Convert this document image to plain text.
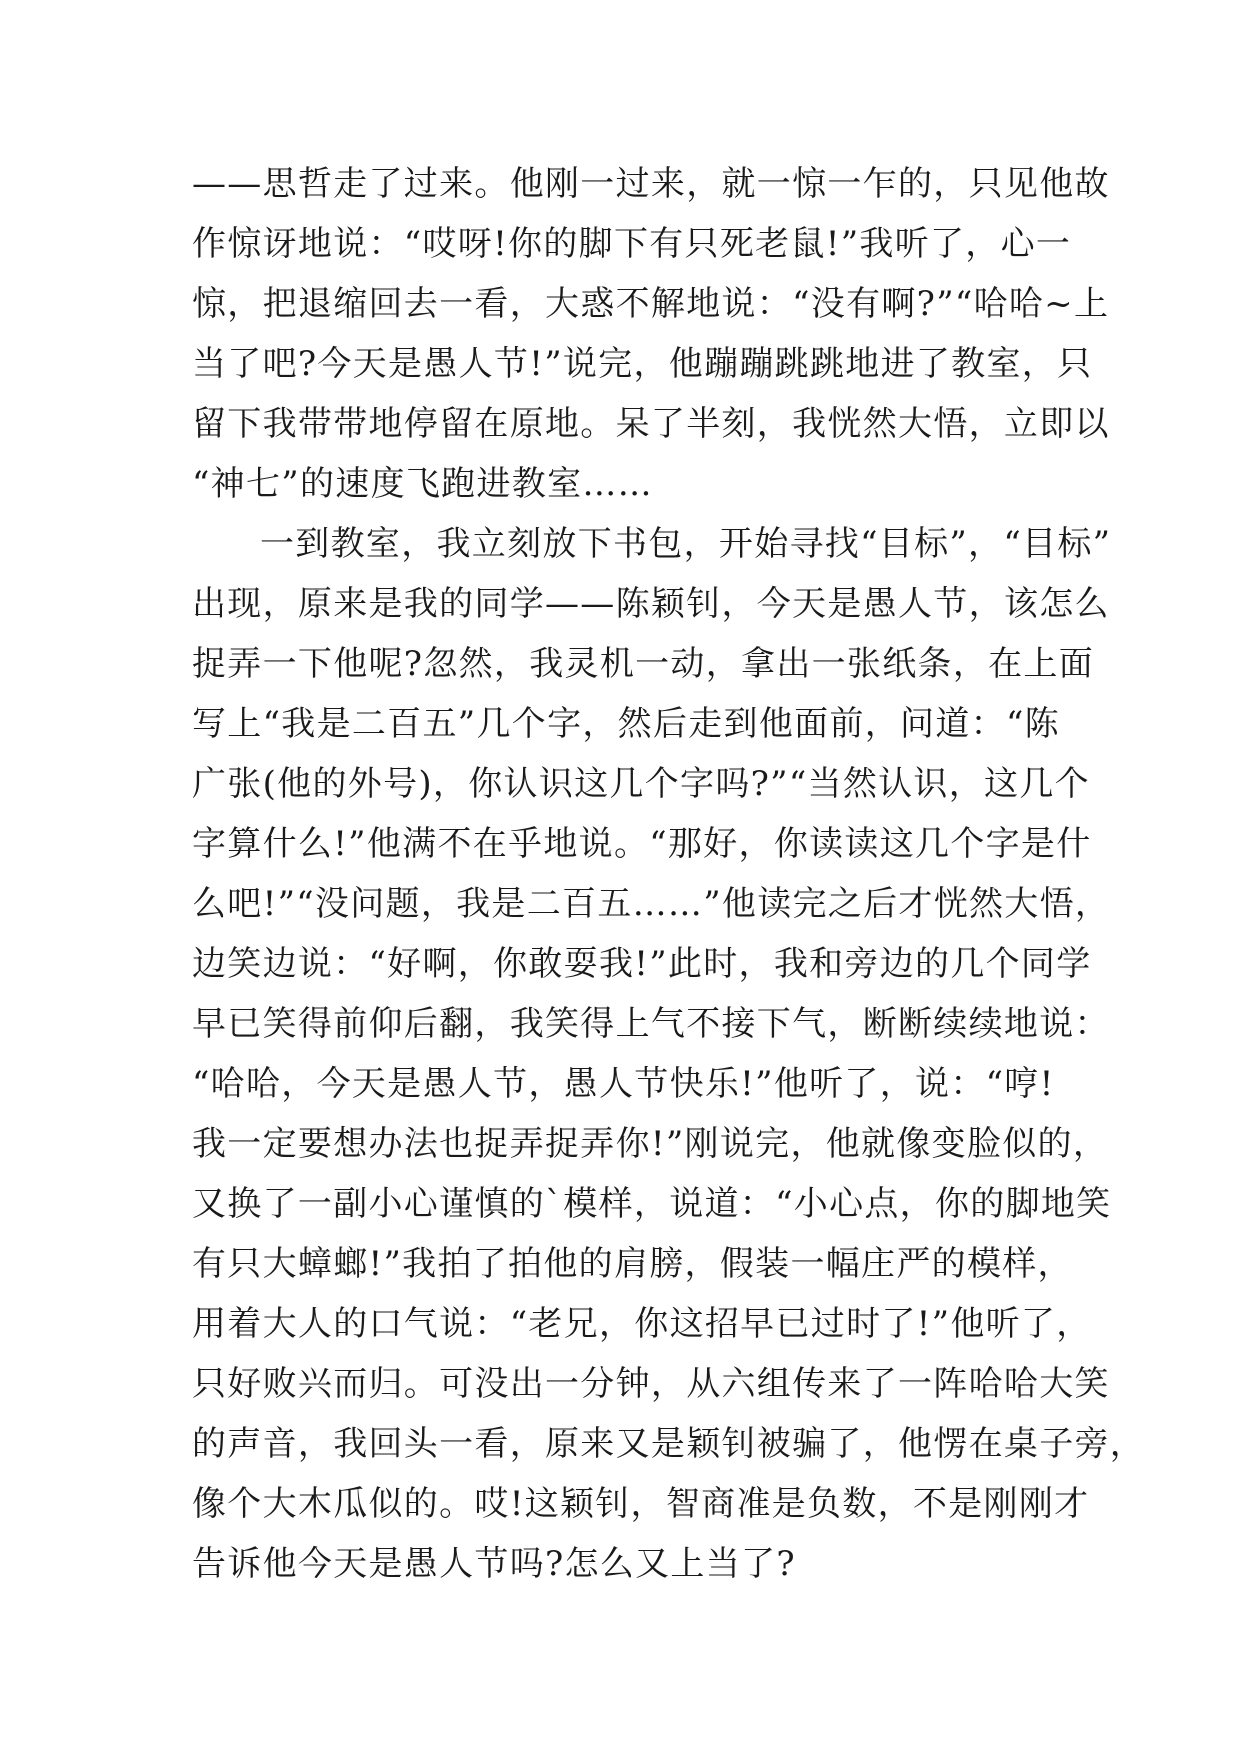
——思哲走了过来。他刚一过来，就一惊一乍的，只见他故
作惊讶地说：“哎呀!你的脚下有只死老鼠!”我听了，心一
惊，把退缩回去一看，大惑不解地说：“没有啊?”“哈哈~上
当了吧?今天是愚人节!”说完，他蹦蹦跳跳地进了教室，只
留下我带带地停留在原地。呆了半刻，我恍然大悟，立即以
“神七”的速度飞跑进教室……
一到教室，我立刻放下书包，开始寻找“目标”，“目标”
出现，原来是我的同学——陈颖钊，今天是愚人节，该怎么
捉弄一下他呢?忽然，我灵机一动，拿出一张纸条，在上面
写上“我是二百五”几个字，然后走到他面前，问道：“陈
广张(他的外号)，你认识这几个字吗?”“当然认识，这几个
字算什么!”他满不在乎地说。“那好，你读读这几个字是什
么吧!”“没问题，我是二百五……”他读完之后才恍然大悟，
边笑边说：“好啊，你敢耍我!”此时，我和旁边的几个同学
早已笑得前仰后翻，我笑得上气不接下气，断断续续地说：
“哈哈，今天是愚人节，愚人节快乐!”他听了，说：“哼!
我一定要想办法也捉弄捉弄你!”刚说完，他就像变脸似的，
又换了一副小心谨慎的`模样，说道：“小心点，你的脚地笑
有只大蟑螂!”我拍了拍他的肩膀，假装一幅庄严的模样，
用着大人的口气说：“老兄，你这招早已过时了!”他听了，
只好败兴而归。可没出一分钟，从六组传来了一阵哈哈大笑
的声音，我回头一看，原来又是颖钊被骗了，他愣在桌子旁，
像个大木瓜似的。哎!这颖钊，智商准是负数，不是刚刚才
告诉他今天是愚人节吗?怎么又上当了?
